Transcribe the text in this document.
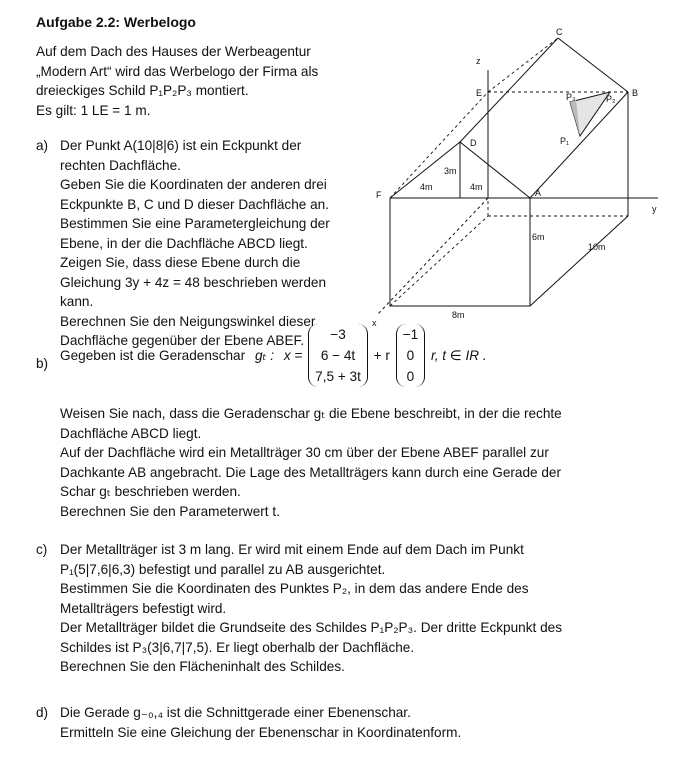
Aufgabe 2.2: Werbelogo
Auf dem Dach des Hauses der Werbeagentur
„Modern Art“ wird das Werbelogo der Firma als
dreieckiges Schild P₁P₂P₃ montiert.
Es gilt: 1 LE = 1 m.
a) Der Punkt A(10|8|6) ist ein Eckpunkt der
rechten Dachfläche.
Geben Sie die Koordinaten der anderen drei
Eckpunkte B, C und D dieser Dachfläche an.
Bestimmen Sie eine Parametergleichung der
Ebene, in der die Dachfläche ABCD liegt.
Zeigen Sie, dass diese Ebene durch die
Gleichung 3y + 4z = 48 beschrieben werden
kann.
Berechnen Sie den Neigungswinkel dieser
Dachfläche gegenüber der Ebene ABEF.
b)
Gegeben ist die Geradenschar gₜ : x =
−3
6 − 4t
7,5 + 3t
+ r
−1
0
0
r, t ∈ IR .
Weisen Sie nach, dass die Geradenschar gₜ die Ebene beschreibt, in der die rechte
Dachfläche ABCD liegt.
Auf der Dachfläche wird ein Metallträger 30 cm über der Ebene ABEF parallel zur
Dachkante AB angebracht. Die Lage des Metallträgers kann durch eine Gerade der
Schar gₜ beschrieben werden.
Berechnen Sie den Parameterwert t.
c) Der Metallträger ist 3 m lang. Er wird mit einem Ende auf dem Dach im Punkt
P₁(5|7,6|6,3) befestigt und parallel zu AB ausgerichtet.
Bestimmen Sie die Koordinaten des Punktes P₂, in dem das andere Ende des
Metallträgers befestigt wird.
Der Metallträger bildet die Grundseite des Schildes P₁P₂P₃. Der dritte Eckpunkt des
Schildes ist P₃(3|6,7|7,5). Er liegt oberhalb der Dachfläche.
Berechnen Sie den Flächeninhalt des Schildes.
d) Die Gerade g₋₀,₄ ist die Schnittgerade einer Ebenenschar.
Ermitteln Sie eine Gleichung der Ebenenschar in Koordinatenform.
C
B
E
D
A
F
P₁
P₂
P₃
z
y
x
4m	4m
3m
6m
10m
8m
